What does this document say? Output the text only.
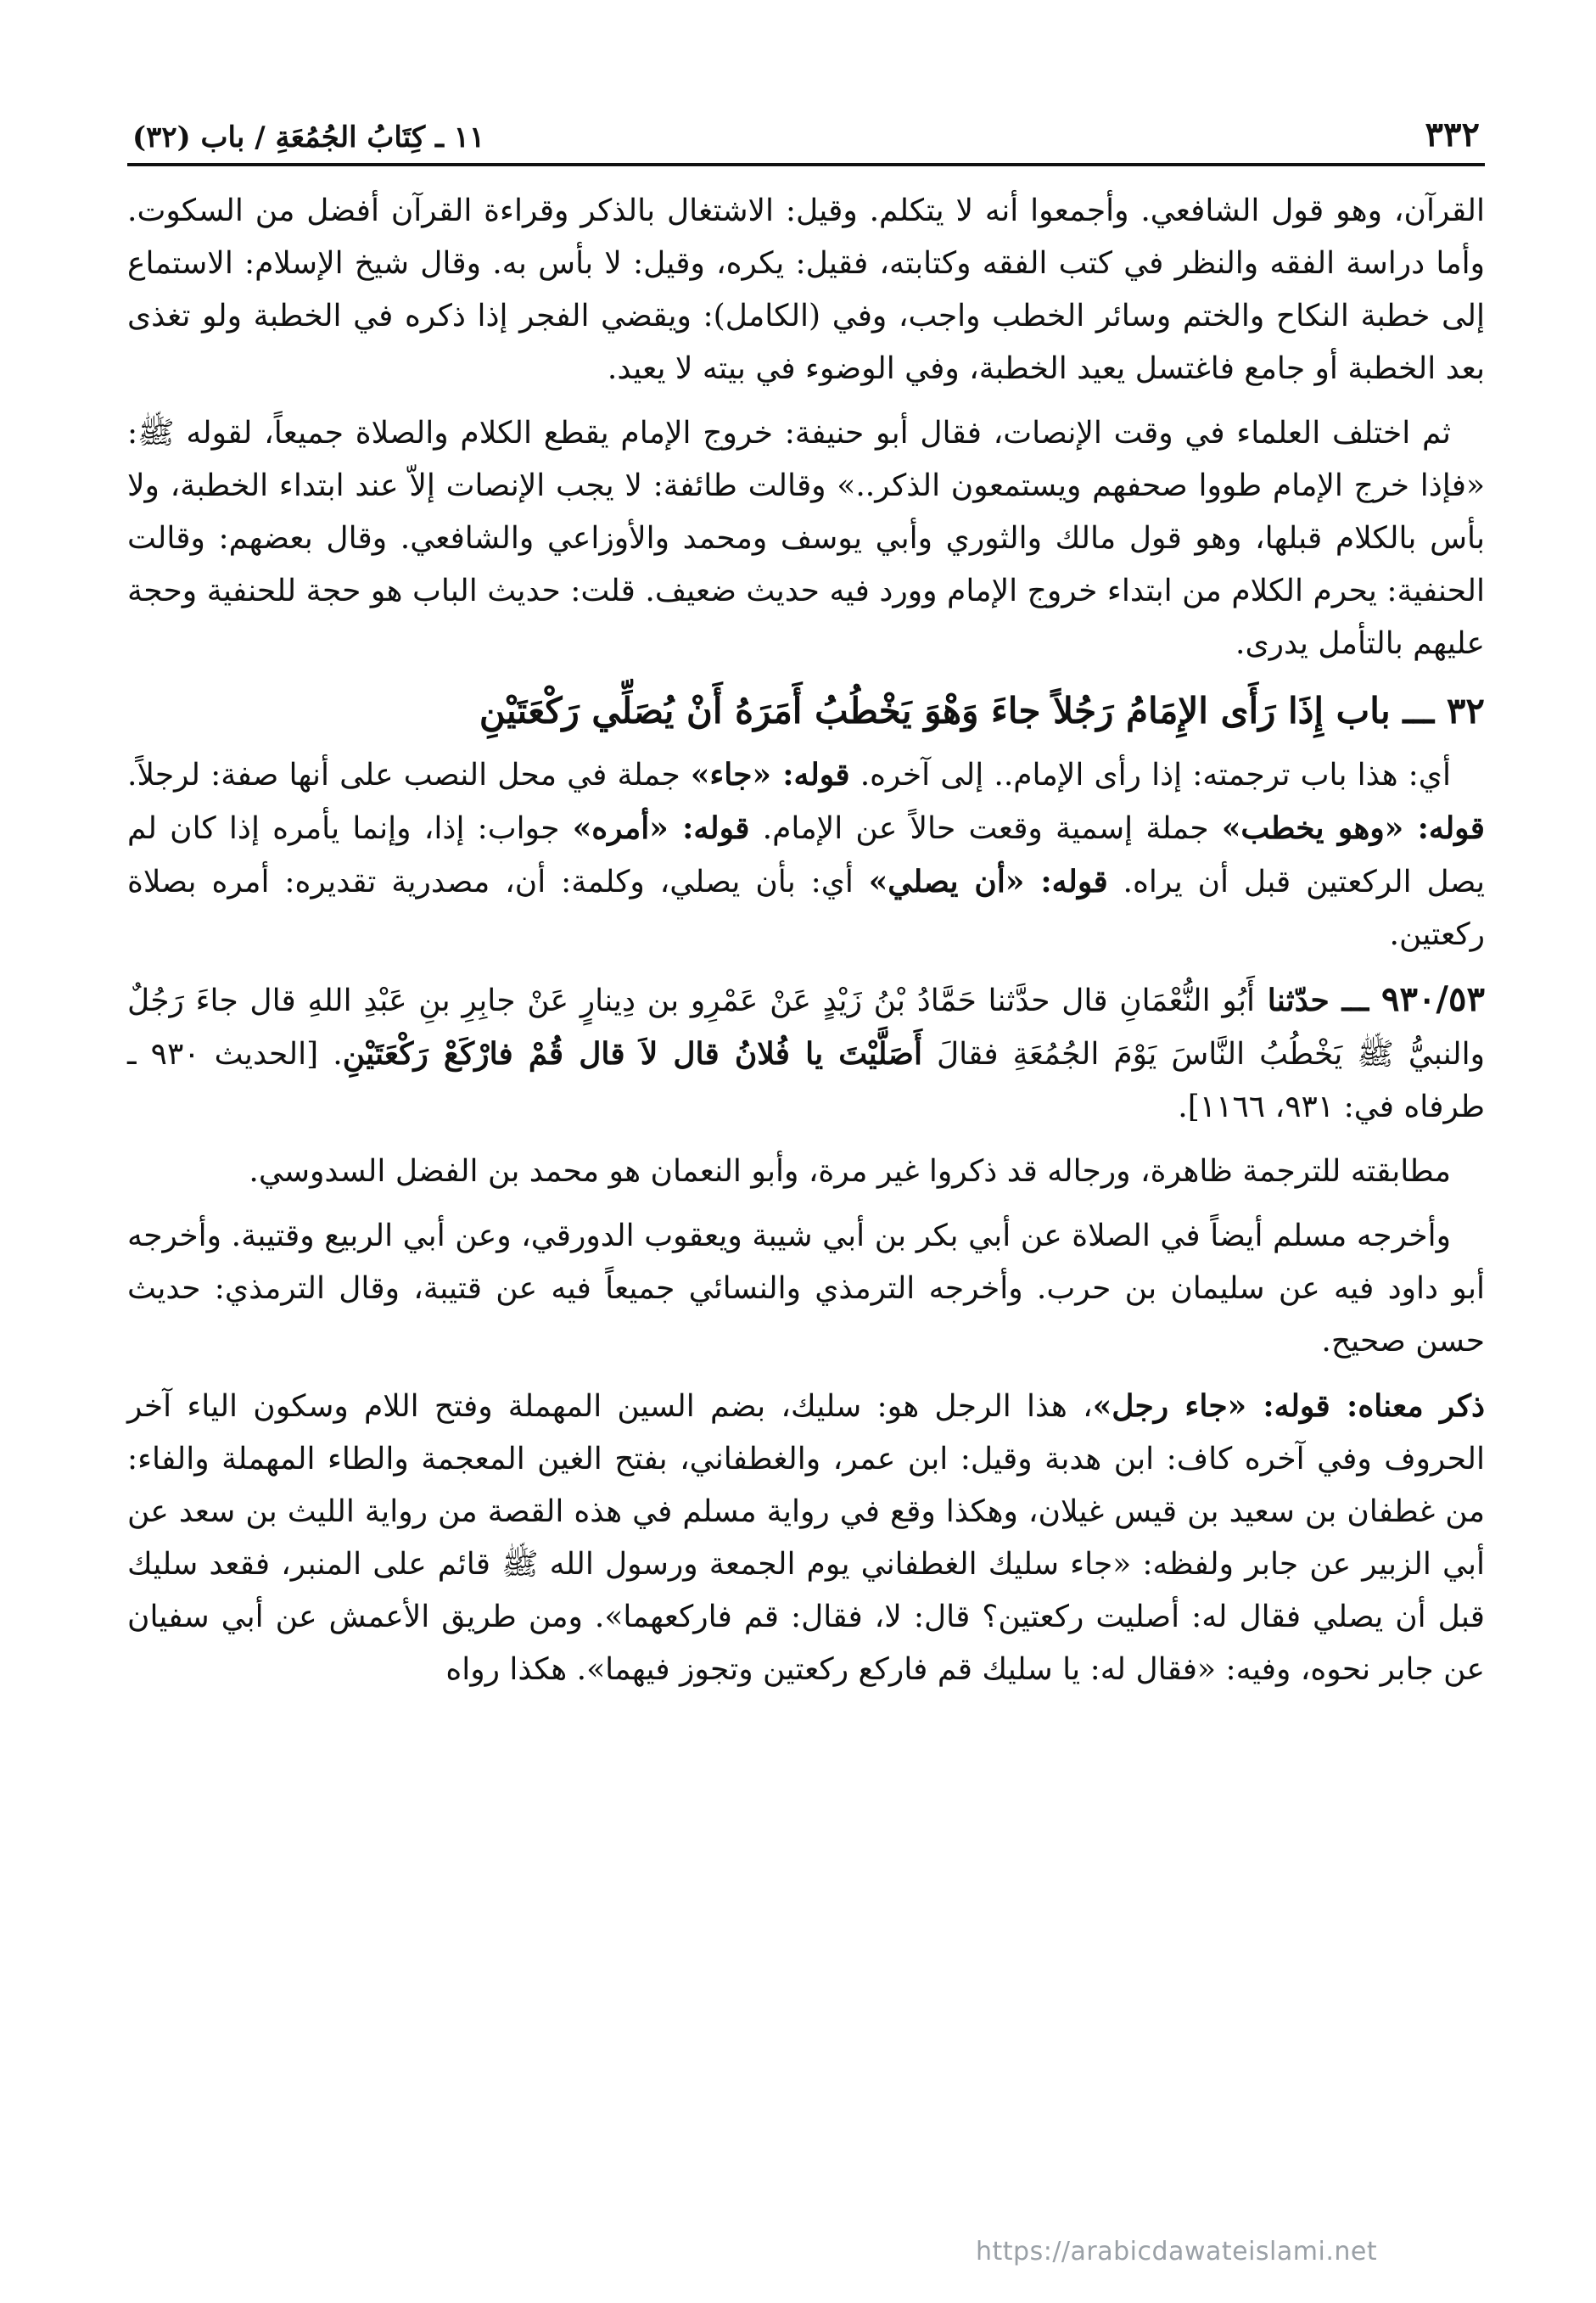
٣٣٢
١١ ـ كِتَابُ الجُمُعَةِ / باب (٣٢)

القرآن، وهو قول الشافعي. وأجمعوا أنه لا يتكلم. وقيل: الاشتغال بالذكر وقراءة القرآن أفضل من السكوت. وأما دراسة الفقه والنظر في كتب الفقه وكتابته، فقيل: يكره، وقيل: لا بأس به. وقال شيخ الإسلام: الاستماع إلى خطبة النكاح والختم وسائر الخطب واجب، وفي (الكامل): ويقضي الفجر إذا ذكره في الخطبة ولو تغذى بعد الخطبة أو جامع فاغتسل يعيد الخطبة، وفي الوضوء في بيته لا يعيد.

ثم اختلف العلماء في وقت الإنصات، فقال أبو حنيفة: خروج الإمام يقطع الكلام والصلاة جميعاً، لقوله ﷺ: «فإذا خرج الإمام طووا صحفهم ويستمعون الذكر..» وقالت طائفة: لا يجب الإنصات إلاّ عند ابتداء الخطبة، ولا بأس بالكلام قبلها، وهو قول مالك والثوري وأبي يوسف ومحمد والأوزاعي والشافعي. وقال بعضهم: وقالت الحنفية: يحرم الكلام من ابتداء خروج الإمام وورد فيه حديث ضعيف. قلت: حديث الباب هو حجة للحنفية وحجة عليهم بالتأمل يدرى.

٣٢ ـــ باب إِذَا رَأَى الإِمَامُ رَجُلاً جاءَ وَهْوَ يَخْطُبُ أَمَرَهُ أَنْ يُصَلِّي رَكْعَتَيْنِ

أي: هذا باب ترجمته: إذا رأى الإمام.. إلى آخره. قوله: «جاء» جملة في محل النصب على أنها صفة: لرجلاً. قوله: «وهو يخطب» جملة إسمية وقعت حالاً عن الإمام. قوله: «أمره» جواب: إذا، وإنما يأمره إذا كان لم يصل الركعتين قبل أن يراه. قوله: «أن يصلي» أي: بأن يصلي، وكلمة: أن، مصدرية تقديره: أمره بصلاة ركعتين.

٩٣٠/٥٣ ـــ حدّثنا أَبُو النُّعْمَانِ قال حدَّثنا حَمَّادُ بْنُ زَيْدٍ عَنْ عَمْرِو بن دِينارٍ عَنْ جابِرِ بنِ عَبْدِ اللهِ قال جاءَ رَجُلٌ والنبيُّ ﷺ يَخْطُبُ النَّاسَ يَوْمَ الجُمُعَةِ فقالَ أَصَلَّيْتَ يا فُلانُ قال لاَ قال قُمْ فارْكَعْ رَكْعَتَيْنِ. [الحديث ٩٣٠ ـ طرفاه في: ٩٣١، ١١٦٦].

مطابقته للترجمة ظاهرة، ورجاله قد ذكروا غير مرة، وأبو النعمان هو محمد بن الفضل السدوسي.

وأخرجه مسلم أيضاً في الصلاة عن أبي بكر بن أبي شيبة ويعقوب الدورقي، وعن أبي الربيع وقتيبة. وأخرجه أبو داود فيه عن سليمان بن حرب. وأخرجه الترمذي والنسائي جميعاً فيه عن قتيبة، وقال الترمذي: حديث حسن صحيح.

ذكر معناه: قوله: «جاء رجل»، هذا الرجل هو: سليك، بضم السين المهملة وفتح اللام وسكون الياء آخر الحروف وفي آخره كاف: ابن هدبة وقيل: ابن عمر، والغطفاني، بفتح الغين المعجمة والطاء المهملة والفاء: من غطفان بن سعيد بن قيس غيلان، وهكذا وقع في رواية مسلم في هذه القصة من رواية الليث بن سعد عن أبي الزبير عن جابر ولفظه: «جاء سليك الغطفاني يوم الجمعة ورسول الله ﷺ قائم على المنبر، فقعد سليك قبل أن يصلي فقال له: أصليت ركعتين؟ قال: لا، فقال: قم فاركعهما». ومن طريق الأعمش عن أبي سفيان عن جابر نحوه، وفيه: «فقال له: يا سليك قم فاركع ركعتين وتجوز فيهما». هكذا رواه

https://arabicdawateislami.net
